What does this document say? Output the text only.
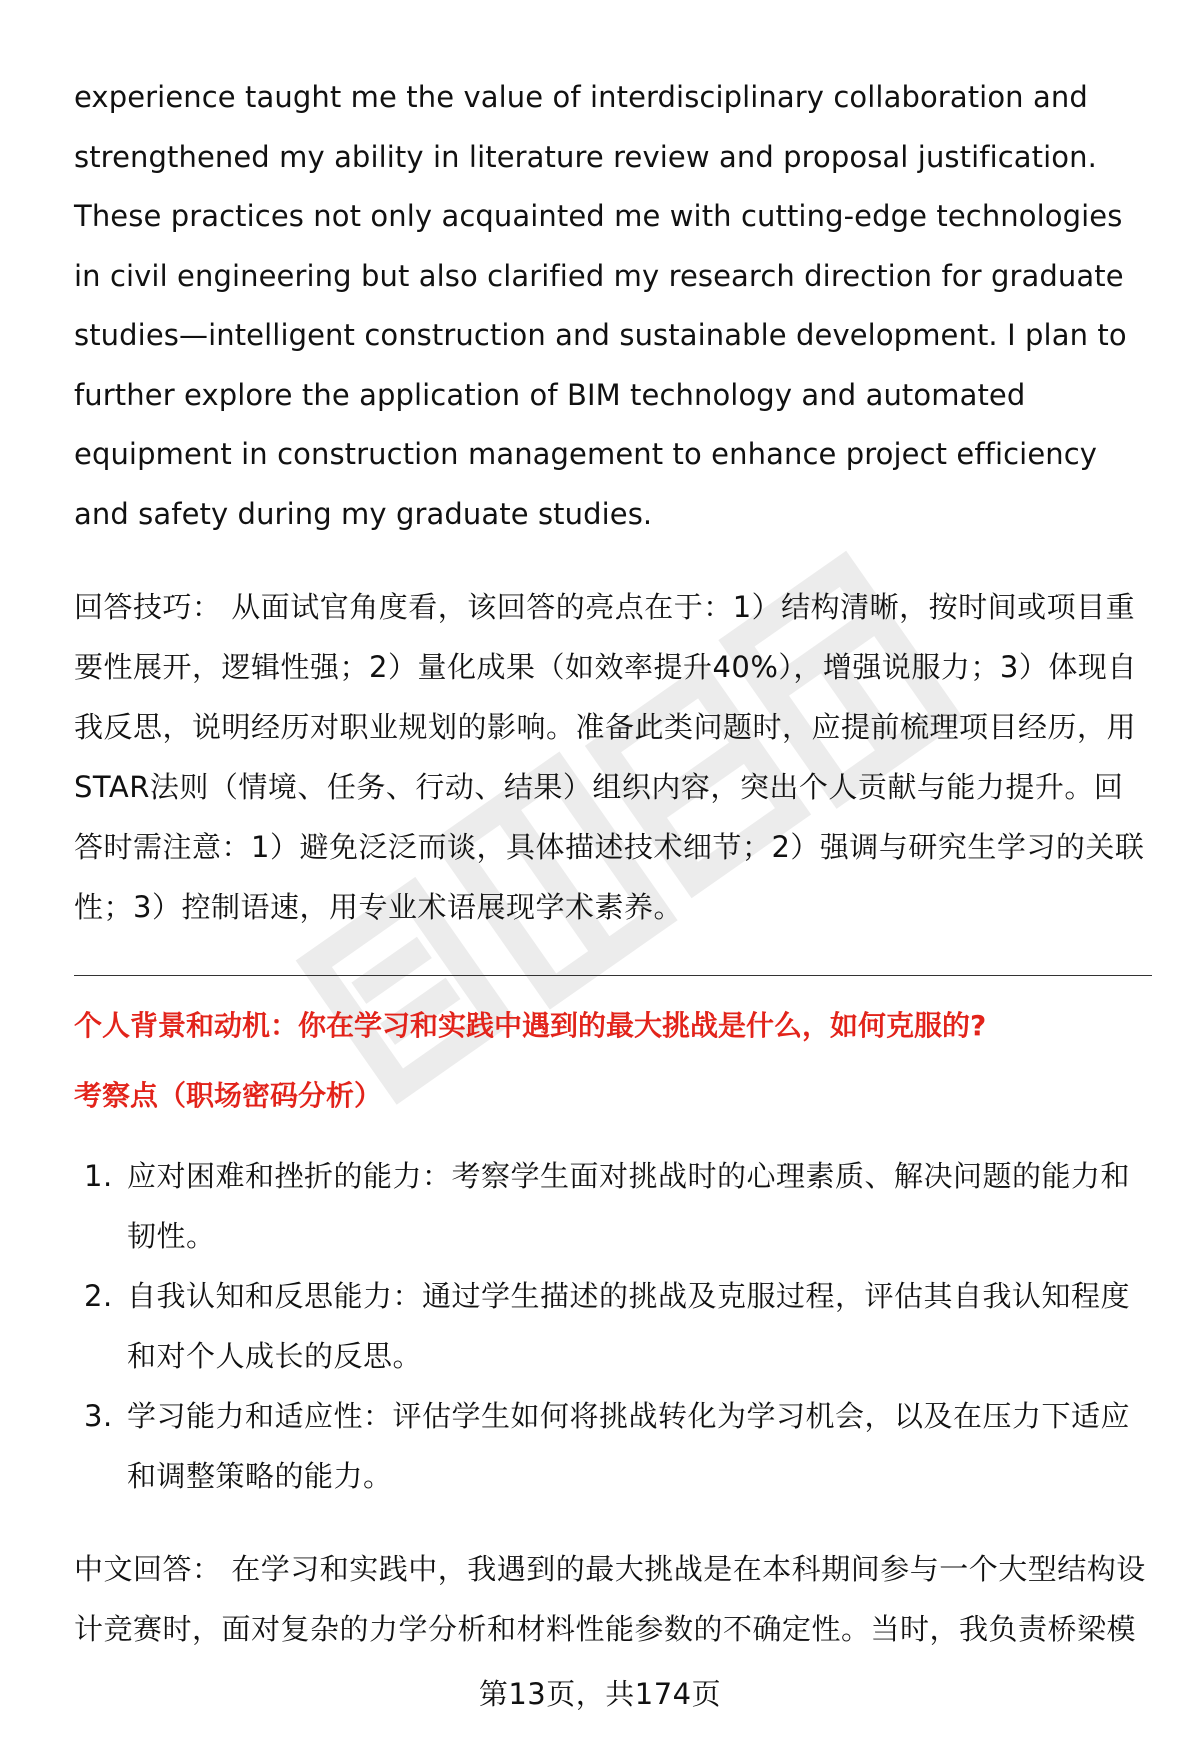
experience taught me the value of interdisciplinary collaboration and strengthened my ability in literature review and proposal justification. These practices not only acquainted me with cutting-edge technologies in civil engineering but also clarified my research direction for graduate studies—intelligent construction and sustainable development. I plan to further explore the application of BIM technology and automated equipment in construction management to enhance project efficiency and safety during my graduate studies.

回答技巧： 从面试官角度看，该回答的亮点在于：1）结构清晰，按时间或项目重要性展开，逻辑性强；2）量化成果（如效率提升40%），增强说服力；3）体现自我反思，说明经历对职业规划的影响。准备此类问题时，应提前梳理项目经历，用STAR法则（情境、任务、行动、结果）组织内容，突出个人贡献与能力提升。回答时需注意：1）避免泛泛而谈，具体描述技术细节；2）强调与研究生学习的关联性；3）控制语速，用专业术语展现学术素养。

个人背景和动机：你在学习和实践中遇到的最大挑战是什么，如何克服的?
考察点（职场密码分析）
1. 应对困难和挫折的能力：考察学生面对挑战时的心理素质、解决问题的能力和韧性。
2. 自我认知和反思能力：通过学生描述的挑战及克服过程，评估其自我认知程度和对个人成长的反思。
3. 学习能力和适应性：评估学生如何将挑战转化为学习机会，以及在压力下适应和调整策略的能力。

中文回答： 在学习和实践中，我遇到的最大挑战是在本科期间参与一个大型结构设计竞赛时，面对复杂的力学分析和材料性能参数的不确定性。当时，我负责桥梁模

第13页，共174页
